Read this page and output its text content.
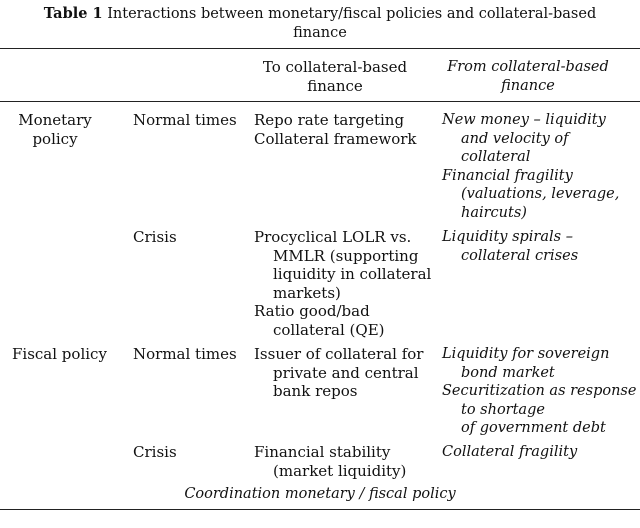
Table 1 Interactions between monetary/fiscal policies and collateral-based
finance
To collateral-based
finance
From collateral-based
finance
Monetary
policy
Normal times Repo rate targeting
Collateral framework
New money – liquidity
and velocity of
collateral
Financial fragility
(valuations, leverage,
haircuts)
Crisis	Procyclical LOLR vs.
MMLR (supporting
liquidity in collateral
markets)
Ratio good/bad
collateral (QE)
Liquidity spirals –
collateral crises
Fiscal policy Normal times Issuer of collateral for
private and central
bank repos
Liquidity for sovereign
bond market
Securitization as response
to shortage
of government debt
Crisis	Financial stability
(market liquidity)
Collateral fragility
Coordination monetary / fiscal policy
